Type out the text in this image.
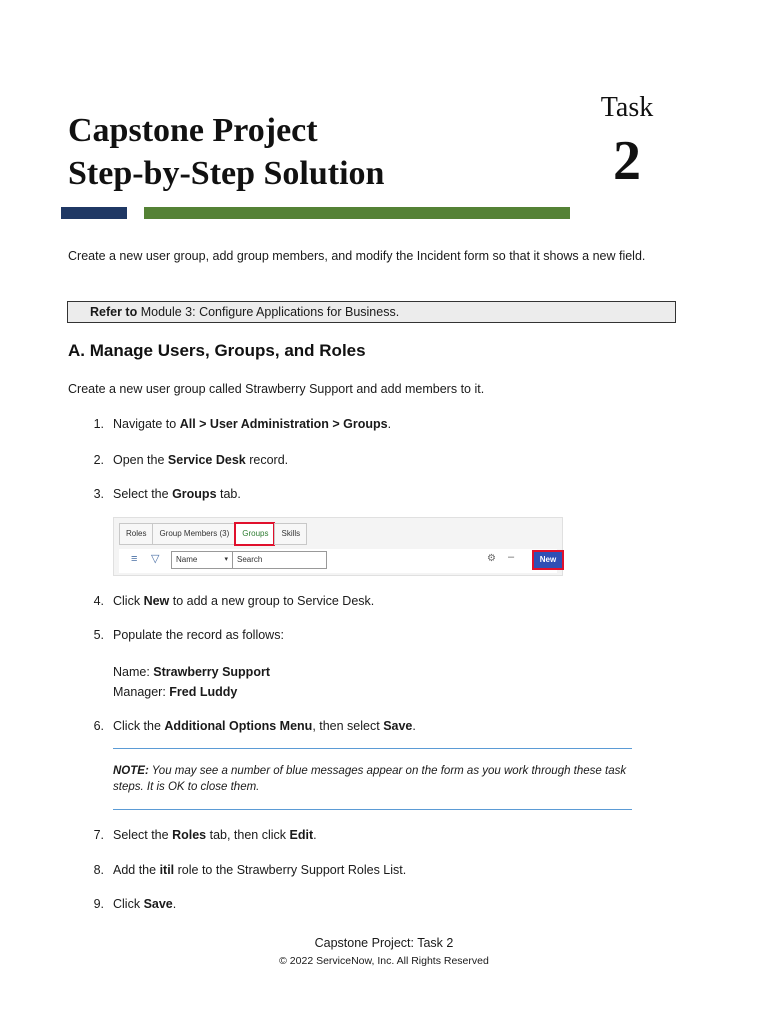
Capstone Project
Step-by-Step Solution
Task
2
Create a new user group, add group members, and modify the Incident form so that it shows a new field.
Refer to Module 3: Configure Applications for Business.
A. Manage Users, Groups, and Roles
Create a new user group called Strawberry Support and add members to it.
1. Navigate to All > User Administration > Groups.
2. Open the Service Desk record.
3. Select the Groups tab.
Roles	Group Members (3)	Groups	Skills
≡ ▽	Name	▾	Search	⚙ –	New
4. Click New to add a new group to Service Desk.
5. Populate the record as follows:
Name: Strawberry Support
Manager: Fred Luddy
6. Click the Additional Options Menu, then select Save.
NOTE: You may see a number of blue messages appear on the form as you work through these task steps. It is OK to close them.
7. Select the Roles tab, then click Edit.
8. Add the itil role to the Strawberry Support Roles List.
9. Click Save.
Capstone Project: Task 2
© 2022 ServiceNow, Inc. All Rights Reserved
